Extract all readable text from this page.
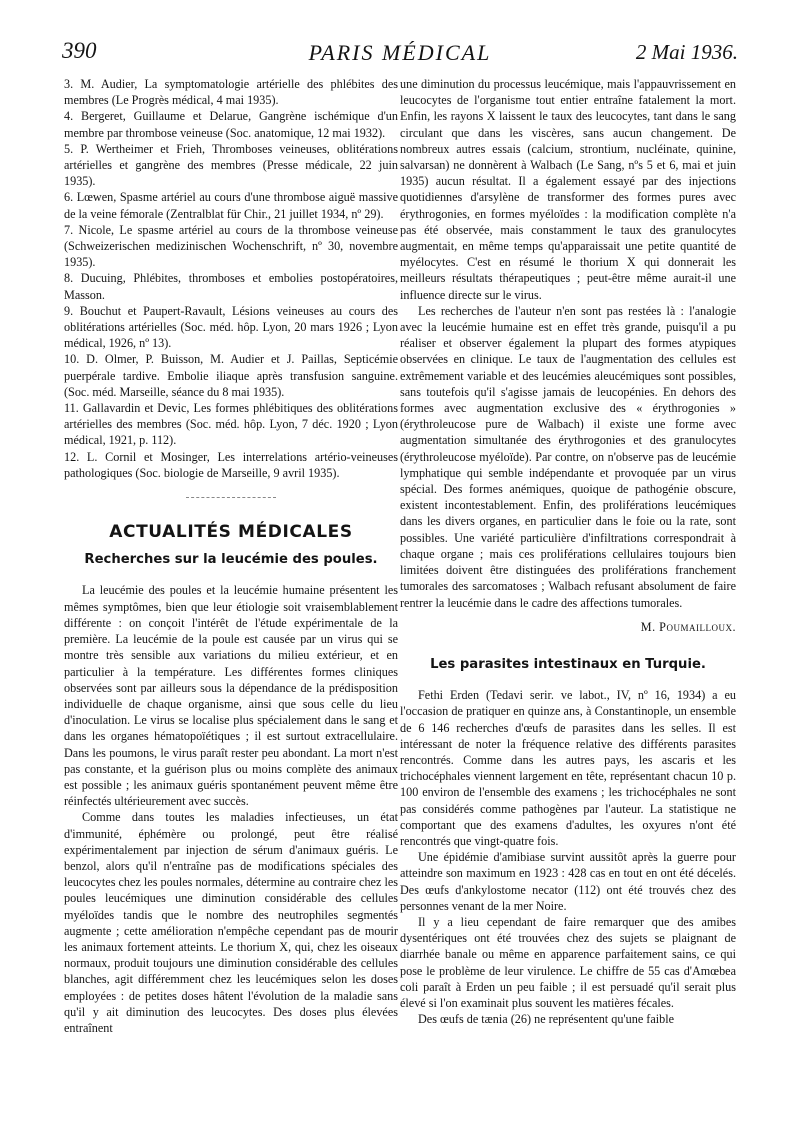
390	PARIS MÉDICAL	2 Mai 1936.

3. M. Audier, La symptomatologie artérielle des phlébites des membres (Le Progrès médical, 4 mai 1935).

4. Bergeret, Guillaume et Delarue, Gangrène ischémique d'un membre par thrombose veineuse (Soc. anatomique, 12 mai 1932).

5. P. Wertheimer et Frieh, Thromboses veineuses, oblitérations artérielles et gangrène des membres (Presse médicale, 22 juin 1935).

6. Lœwen, Spasme artériel au cours d'une thrombose aiguë massive de la veine fémorale (Zentralblat für Chir., 21 juillet 1934, nº 29).

7. Nicole, Le spasme artériel au cours de la thrombose veineuse (Schweizerischen medizinischen Wochenschrift, nº 30, novembre 1935).

8. Ducuing, Phlébites, thromboses et embolies postopératoires, Masson.

9. Bouchut et Paupert-Ravault, Lésions veineuses au cours des oblitérations artérielles (Soc. méd. hôp. Lyon, 20 mars 1926 ; Lyon médical, 1926, nº 13).

10. D. Olmer, P. Buisson, M. Audier et J. Paillas, Septicémie puerpérale tardive. Embolie iliaque après transfusion sanguine. (Soc. méd. Marseille, séance du 8 mai 1935).

11. Gallavardin et Devic, Les formes phlébitiques des oblitérations artérielles des membres (Soc. méd. hôp. Lyon, 7 déc. 1920 ; Lyon médical, 1921, p. 112).

12. L. Cornil et Mosinger, Les interrelations artério-veineuses pathologiques (Soc. biologie de Marseille, 9 avril 1935).

ACTUALITÉS MÉDICALES
Recherches sur la leucémie des poules.

La leucémie des poules et la leucémie humaine présentent les mêmes symptômes, bien que leur étiologie soit vraisemblablement différente : on conçoit l'intérêt de l'étude expérimentale de la première. La leucémie de la poule est causée par un virus qui se montre très sensible aux variations du milieu extérieur, et en particulier à la température. Les différentes formes cliniques observées sont par ailleurs sous la dépendance de la prédisposition individuelle de chaque organisme, ainsi que sous celle du lieu d'inoculation. Le virus se localise plus spécialement dans le sang et dans les organes hématopoïétiques ; il est surtout extracellulaire. Dans les poumons, le virus paraît rester peu abondant. La mort n'est pas constante, et la guérison plus ou moins complète des animaux est possible ; les animaux guéris spontanément peuvent même être réinfectés ultérieurement avec succès.

Comme dans toutes les maladies infectieuses, un état d'immunité, éphémère ou prolongé, peut être réalisé expérimentalement par injection de sérum d'animaux guéris. Le benzol, alors qu'il n'entraîne pas de modifications spéciales des leucocytes chez les poules normales, détermine au contraire chez les poules leucémiques une diminution considérable des cellules myéloïdes tandis que le nombre des neutrophiles segmentés augmente ; cette amélioration n'empêche cependant pas de mourir les animaux fortement atteints. Le thorium X, qui, chez les oiseaux normaux, produit toujours une diminution considérable des cellules blanches, agit différemment chez les leucémiques selon les doses employées : de petites doses hâtent l'évolution de la maladie sans qu'il y ait diminution des leucocytes. Des doses plus élevées entraînent

une diminution du processus leucémique, mais l'appauvrissement en leucocytes de l'organisme tout entier entraîne fatalement la mort. Enfin, les rayons X laissent le taux des leucocytes, tant dans le sang circulant que dans les viscères, sans aucun changement. De nombreux autres essais (calcium, strontium, nucléinate, quinine, salvarsan) ne donnèrent à Walbach (Le Sang, nºs 5 et 6, mai et juin 1935) aucun résultat. Il a également essayé par des injections quotidiennes d'arsylène de transformer des formes pures avec érythrogonies, en formes myéloïdes : la modification complète n'a pas été observée, mais constamment le taux des granulocytes augmentait, en même temps qu'apparaissait une petite quantité de myélocytes. C'est en résumé le thorium X qui donnerait les meilleurs résultats thérapeutiques ; peut-être même aurait-il une influence directe sur le virus.

Les recherches de l'auteur n'en sont pas restées là : l'analogie avec la leucémie humaine est en effet très grande, puisqu'il a pu réaliser et observer également la plupart des formes atypiques observées en clinique. Le taux de l'augmentation des cellules est extrêmement variable et des leucémies aleucémiques sont possibles, sans toutefois qu'il s'agisse jamais de leucopénies. En dehors des formes avec augmentation exclusive des « érythrogonies » (érythroleucose pure de Walbach) il existe une forme avec augmentation simultanée des érythrogonies et des granulocytes (érythroleucose myéloïde). Par contre, on n'observe pas de leucémie lymphatique qui semble indépendante et provoquée par un virus spécial. Des formes anémiques, quoique de pathogénie obscure, existent incontestablement. Enfin, des proliférations leucémiques dans les divers organes, en particulier dans le foie ou la rate, sont possibles. Une variété particulière d'infiltrations correspondrait à chaque organe ; mais ces proliférations cellulaires toujours bien limitées doivent être distinguées des proliférations franchement tumorales des sarcomatoses ; Walbach refusant absolument de faire rentrer la leucémie dans le cadre des affections tumorales.

M. Poumailloux.

Les parasites intestinaux en Turquie.

Fethi Erden (Tedavi serir. ve labot., IV, nº 16, 1934) a eu l'occasion de pratiquer en quinze ans, à Constantinople, un ensemble de 6 146 recherches d'œufs de parasites dans les selles. Il est intéressant de noter la fréquence relative des différents parasites rencontrés. Comme dans les autres pays, les ascaris et les trichocéphales viennent largement en tête, représentant chacun 10 p. 100 environ de l'ensemble des examens ; les trichocéphales ne sont pas considérés comme pathogènes par l'auteur. La statistique ne comportant que des examens d'adultes, les oxyures n'ont été rencontrés que vingt-quatre fois.

Une épidémie d'amibiase survint aussitôt après la guerre pour atteindre son maximum en 1923 : 428 cas en tout en ont été décelés. Des œufs d'ankylostome necator (112) ont été trouvés chez des personnes venant de la mer Noire.

Il y a lieu cependant de faire remarquer que des amibes dysentériques ont été trouvées chez des sujets se plaignant de diarrhée banale ou même en apparence parfaitement sains, ce qui pose le problème de leur virulence. Le chiffre de 55 cas d'Amœbea coli paraît à Erden un peu faible ; il est persuadé qu'il serait plus élevé si l'on examinait plus souvent les matières fécales.

Des œufs de tænia (26) ne représentent qu'une faible
